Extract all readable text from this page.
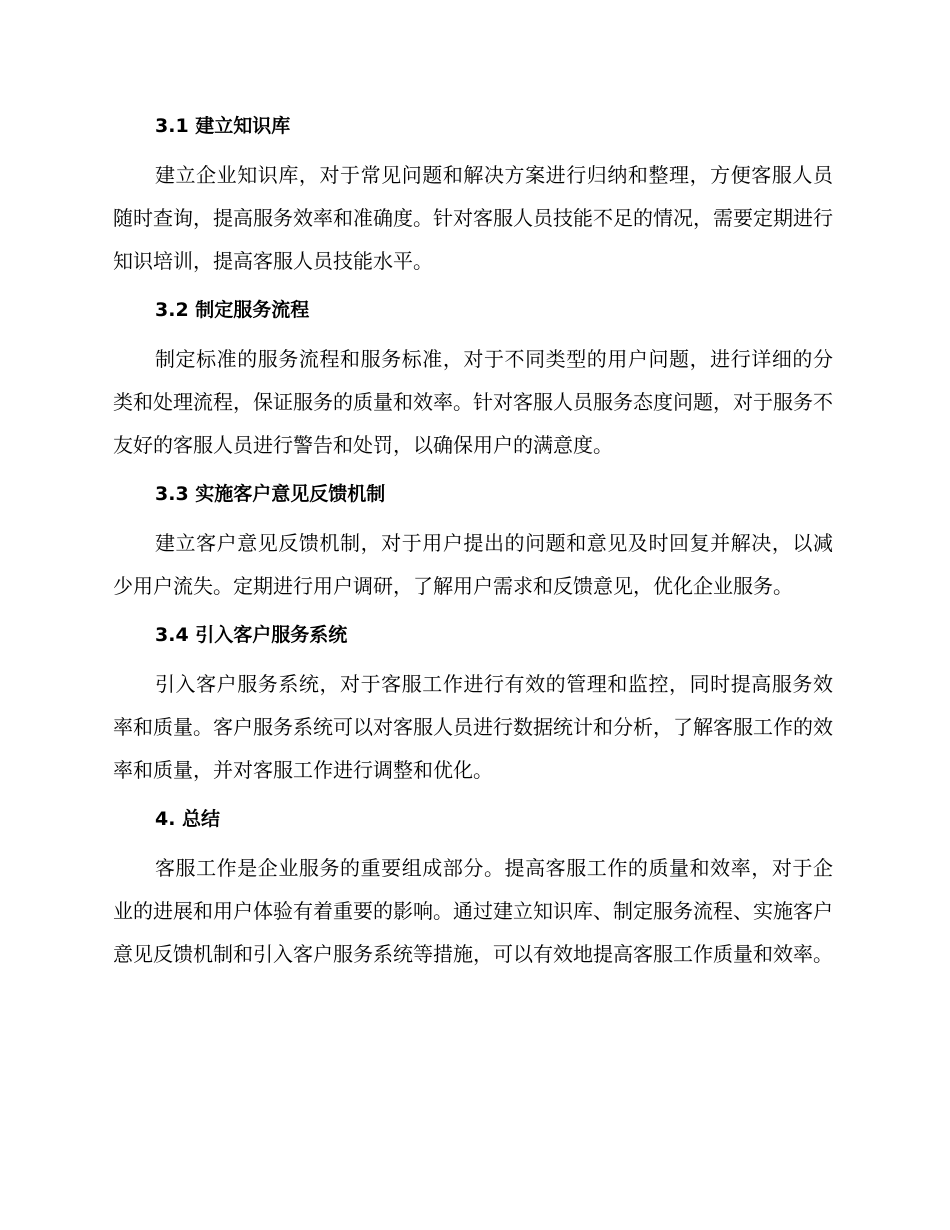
3.1 建立知识库

建立企业知识库，对于常见问题和解决方案进行归纳和整理，方便客服人员随时查询，提高服务效率和准确度。针对客服人员技能不足的情况，需要定期进行知识培训，提高客服人员技能水平。

3.2 制定服务流程

制定标准的服务流程和服务标准，对于不同类型的用户问题，进行详细的分类和处理流程，保证服务的质量和效率。针对客服人员服务态度问题，对于服务不友好的客服人员进行警告和处罚，以确保用户的满意度。

3.3 实施客户意见反馈机制

建立客户意见反馈机制，对于用户提出的问题和意见及时回复并解决，以减少用户流失。定期进行用户调研，了解用户需求和反馈意见，优化企业服务。

3.4 引入客户服务系统

引入客户服务系统，对于客服工作进行有效的管理和监控，同时提高服务效率和质量。客户服务系统可以对客服人员进行数据统计和分析，了解客服工作的效率和质量，并对客服工作进行调整和优化。

4. 总结

客服工作是企业服务的重要组成部分。提高客服工作的质量和效率，对于企业的进展和用户体验有着重要的影响。通过建立知识库、制定服务流程、实施客户意见反馈机制和引入客户服务系统等措施，可以有效地提高客服工作质量和效率。
